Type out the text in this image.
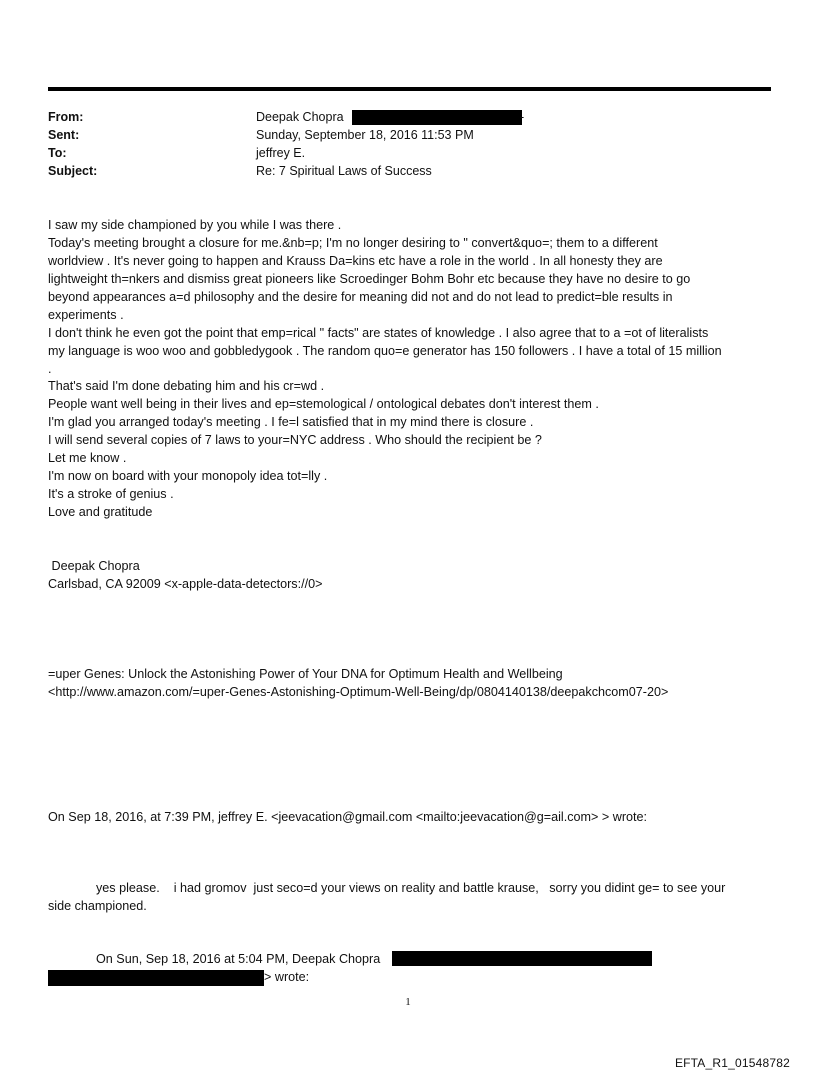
From:	Deepak Chopra	-
Sent:	Sunday, September 18, 2016 11:53 PM
To:	jeffrey E.
Subject:	Re: 7 Spiritual Laws of Success
I saw my side championed by you while I was there .
Today's meeting brought a closure for me.&nb=p; I'm no longer desiring to " convert&quo=; them to a different
worldview . It's never going to happen and Krauss Da=kins etc have a role in the world . In all honesty they are
lightweight th=nkers and dismiss great pioneers like Scroedinger Bohm Bohr etc because they have no desire to go
beyond appearances a=d philosophy and the desire for meaning did not and do not lead to predict=ble results in
experiments .
I don't think he even got the point that emp=rical " facts" are states of knowledge . I also agree that to a =ot of literalists
my language is woo woo and gobbledygook . The random quo=e generator has 150 followers . I have a total of 15 million
.
That's said I'm done debating him and his cr=wd .
People want well being in their lives and ep=stemological / ontological debates don't interest them .
I'm glad you arranged today's meeting . I fe=l satisfied that in my mind there is closure .
I will send several copies of 7 laws to your=NYC address . Who should the recipient be ?
Let me know .
I'm now on board with your monopoly idea tot=lly .
It's a stroke of genius .
Love and gratitude
Deepak Chopra
Carlsbad, CA 92009 <x-apple-data-detectors://0>
=uper Genes: Unlock the Astonishing Power of Your DNA for Optimum Health and Wellbeing
<http://www.amazon.com/=uper-Genes-Astonishing-Optimum-Well-Being/dp/0804140138/deepakchcom07-20>
On Sep 18, 2016, at 7:39 PM, jeffrey E. <jeevacation@gmail.com <mailto:jeevacation@g=ail.com> > wrote:
yes please.    i had gromov  just seco=d your views on reality and battle krause,   sorry you didint ge= to see your
side championed.
On Sun, Sep 18, 2016 at 5:04 PM, Deepak Chopra
> wrote:
1
EFTA_R1_01548782
